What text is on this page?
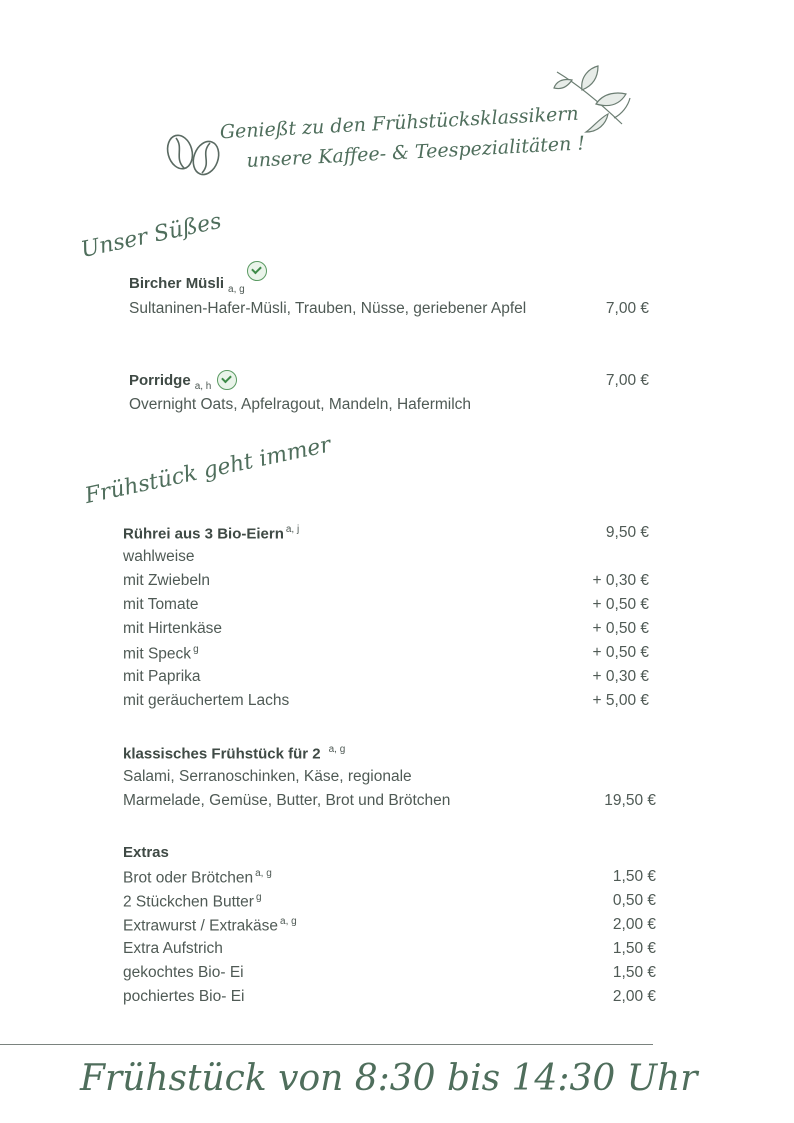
Genießt zu den Frühstücksklassikern
unsere Kaffee- & Teespezialitäten !
Unser Süßes
Bircher Müsli $_{a, g}$
Sultaninen-Hafer-Müsli, Trauben, Nüsse, geriebener Apfel	7,00 €
Porridge $_{a, h}$	7,00 €
Overnight Oats, Apfelragout, Mandeln, Hafermilch
Frühstück geht immer
Rührei aus 3 Bio-Eiern $^{a, j}$	9,50 €
wahlweise
mit Zwiebeln	+ 0,30 €
mit Tomate	+ 0,50 €
mit Hirtenkäse	+ 0,50 €
mit Speck $^g$	+ 0,50 €
mit Paprika	+ 0,30 €
mit geräuchertem Lachs	+ 5,00 €
klassisches Frühstück für 2 $^{a, g}$
Salami, Serranoschinken, Käse, regionale
Marmelade, Gemüse, Butter, Brot und Brötchen	19,50 €
Extras
Brot oder Brötchen $^{a, g}$	1,50 €
2 Stückchen Butter $^g$	0,50 €
Extrawurst / Extrakäse $^{a, g}$	2,00 €
Extra Aufstrich	1,50 €
gekochtes Bio- Ei	1,50 €
pochiertes Bio- Ei	2,00 €
Frühstück von 8:30 bis 14:30 Uhr
